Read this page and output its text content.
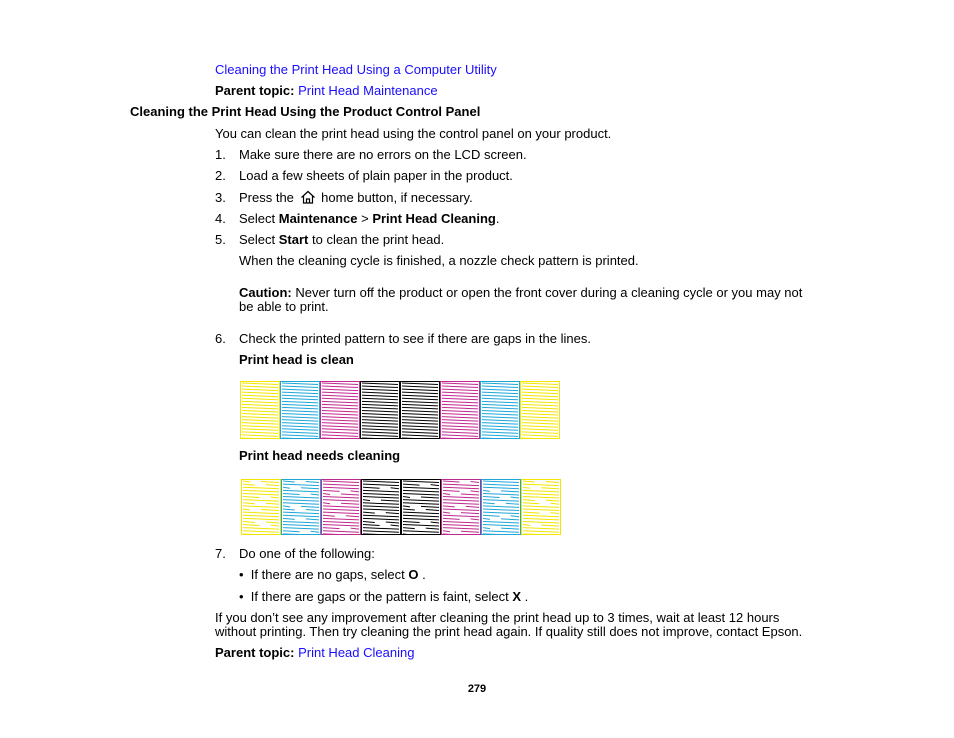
Cleaning the Print Head Using a Computer Utility
Parent topic: Print Head Maintenance
Cleaning the Print Head Using the Product Control Panel
You can clean the print head using the control panel on your product.
1. Make sure there are no errors on the LCD screen.
2. Load a few sheets of plain paper in the product.
3. Press the home button, if necessary.
4. Select Maintenance > Print Head Cleaning.
5. Select Start to clean the print head.
When the cleaning cycle is finished, a nozzle check pattern is printed.
Caution: Never turn off the product or open the front cover during a cleaning cycle or you may not
be able to print.
6. Check the printed pattern to see if there are gaps in the lines.
Print head is clean
Print head needs cleaning
7. Do one of the following:
• If there are no gaps, select O .
• If there are gaps or the pattern is faint, select X .
If you don’t see any improvement after cleaning the print head up to 3 times, wait at least 12 hours
without printing. Then try cleaning the print head again. If quality still does not improve, contact Epson.
Parent topic: Print Head Cleaning
279
